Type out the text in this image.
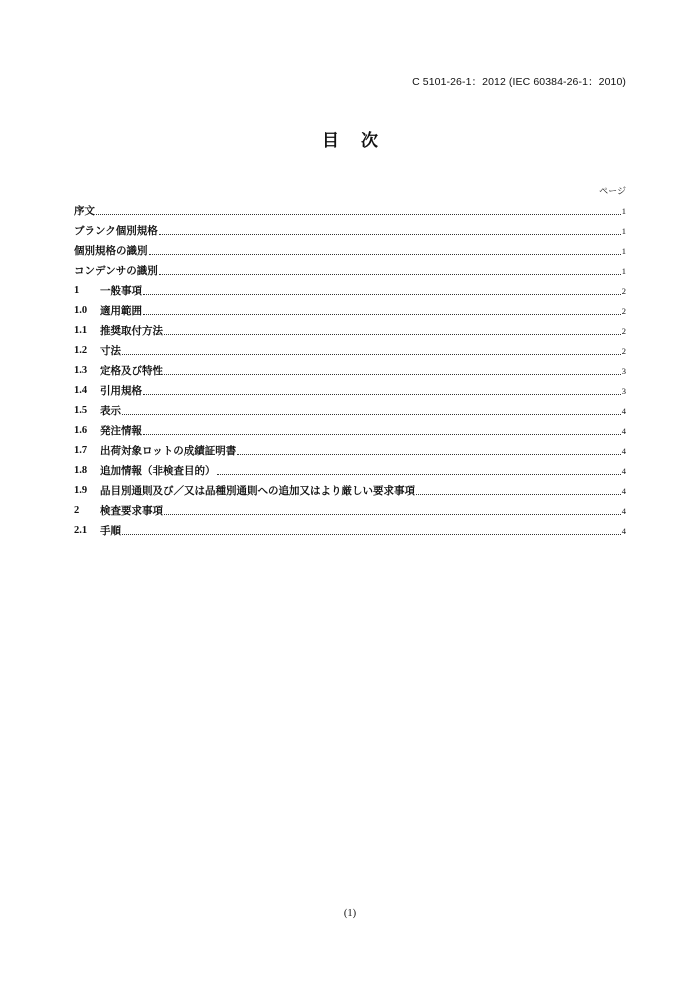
C 5101-26-1：2012 (IEC 60384-26-1：2010)
目次
ページ
序文	1
ブランク個別規格	1
個別規格の識別	1
コンデンサの識別	1
1	一般事項	2
1.0	適用範囲	2
1.1	推奨取付方法	2
1.2	寸法	2
1.3	定格及び特性	3
1.4	引用規格	3
1.5	表示	4
1.6	発注情報	4
1.7	出荷対象ロットの成績証明書	4
1.8	追加情報（非検査目的）	4
1.9	品目別通則及び／又は品種別通則への追加又はより厳しい要求事項	4
2	検査要求事項	4
2.1	手順	4
(1)
